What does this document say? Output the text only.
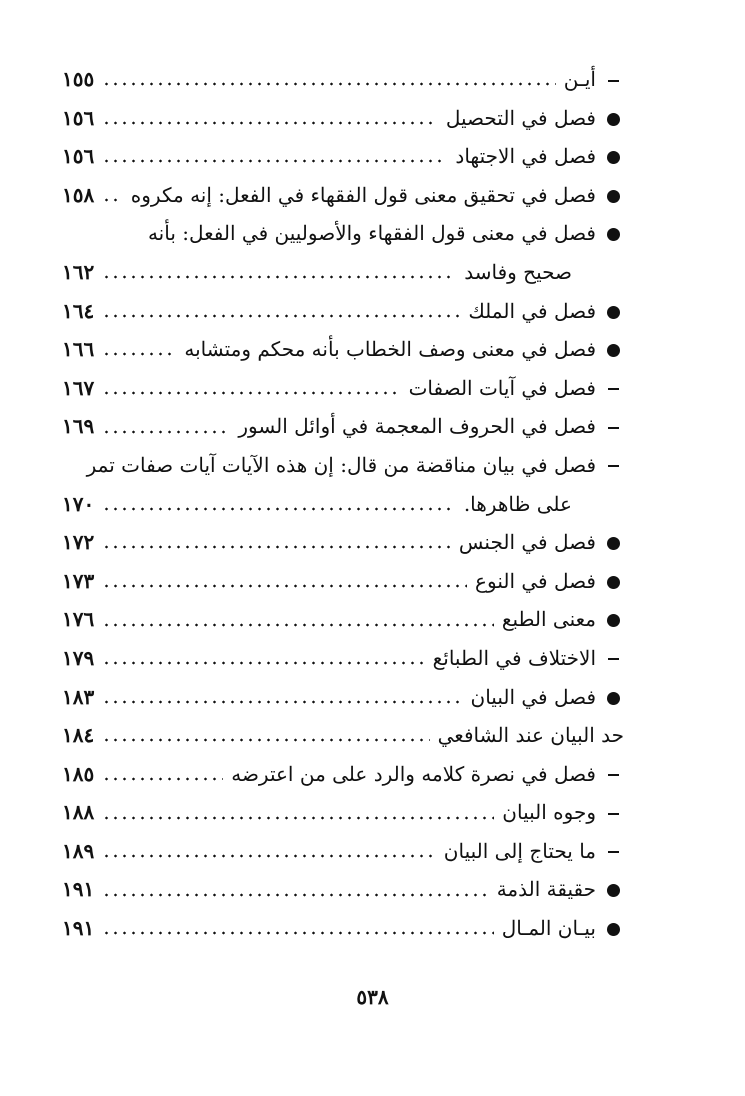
أيـن
١٥٥
فصل في التحصيل
١٥٦
فصل في الاجتهاد
١٥٦
فصل في تحقيق معنى قول الفقهاء في الفعل: إنه مكروه
١٥٨
فصل في معنى قول الفقهاء والأصوليين في الفعل: بأنه
صحيح وفاسد
١٦٢
فصل في الملك
١٦٤
فصل في معنى وصف الخطاب بأنه محكم ومتشابه
١٦٦
فصل في آيات الصفات
١٦٧
فصل في الحروف المعجمة في أوائل السور
١٦٩
فصل في بيان مناقضة من قال: إن هذه الآيات آيات صفات تمر
على ظاهرها.
١٧٠
فصل في الجنس
١٧٢
فصل في النوع
١٧٣
معنى الطبع
١٧٦
الاختلاف في الطبائع
١٧٩
فصل في البيان
١٨٣
حد البيان عند الشافعي
١٨٤
فصل في نصرة كلامه والرد على من اعترضه
١٨٥
وجوه البيان
١٨٨
ما يحتاج إلى البيان
١٨٩
حقيقة الذمة
١٩١
بيـان المـال
١٩١
٥٣٨
